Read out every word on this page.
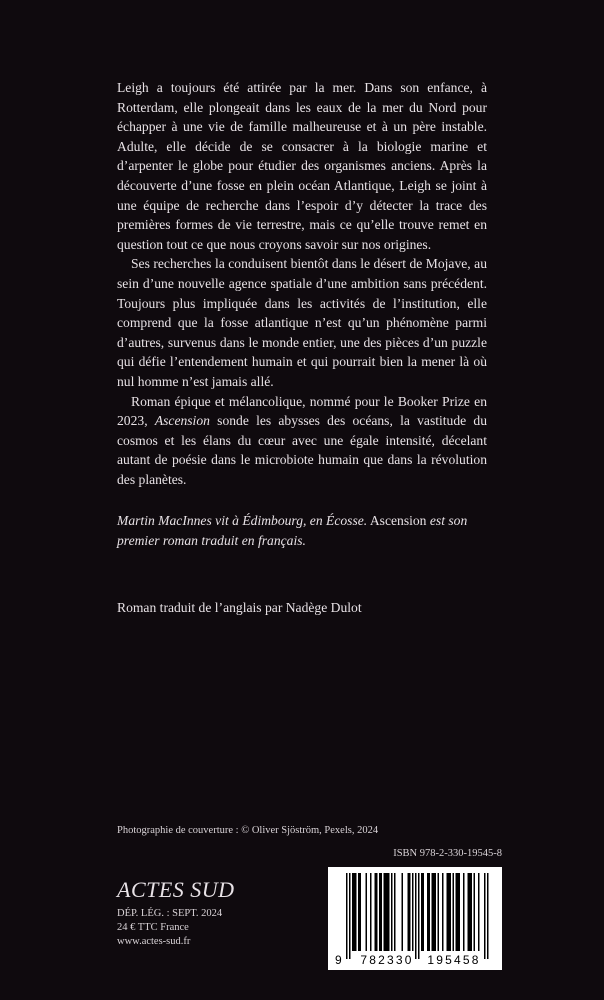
Leigh a toujours été attirée par la mer. Dans son enfance, à Rotterdam, elle plongeait dans les eaux de la mer du Nord pour échapper à une vie de famille malheureuse et à un père instable. Adulte, elle décide de se consacrer à la biologie marine et d’arpenter le globe pour étudier des organismes anciens. Après la découverte d’une fosse en plein océan Atlantique, Leigh se joint à une équipe de recherche dans l’espoir d’y détecter la trace des premières formes de vie terrestre, mais ce qu’elle trouve remet en question tout ce que nous croyons savoir sur nos origines.

Ses recherches la conduisent bientôt dans le désert de Mojave, au sein d’une nouvelle agence spatiale d’une ambition sans précédent. Toujours plus impliquée dans les activités de l’institution, elle comprend que la fosse atlantique n’est qu’un phénomène parmi d’autres, survenus dans le monde entier, une des pièces d’un puzzle qui défie l’entendement humain et qui pourrait bien la mener là où nul homme n’est jamais allé.

Roman épique et mélancolique, nommé pour le Booker Prize en 2023, Ascension sonde les abysses des océans, la vastitude du cosmos et les élans du cœur avec une égale intensité, décelant autant de poésie dans le microbiote humain que dans la révolution des planètes.

Martin MacInnes vit à Édimbourg, en Écosse. Ascension est son premier roman traduit en français.
Roman traduit de l’anglais par Nadège Dulot
Photographie de couverture : © Oliver Sjöström, Pexels, 2024
ISBN 978-2-330-19545-8
ACTES SUD
DÉP. LÉG. : SEPT. 2024
24 € TTC France
www.actes-sud.fr
9 782330 195458
